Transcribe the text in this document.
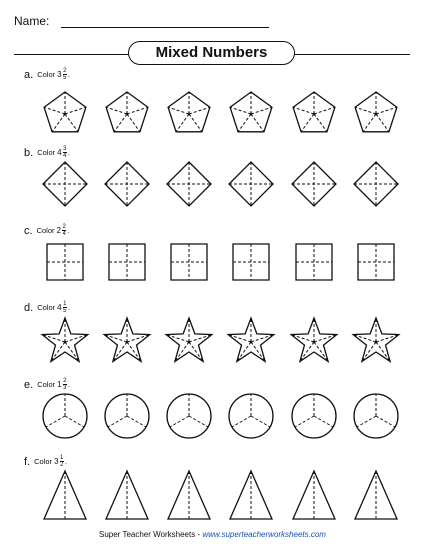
Name:
Mixed Numbers
a. Color $3 \frac{2}{5}$ .
b. Color $4 \frac{3}{4}$ .
c. Color $2 \frac{2}{4}$ .
d. Color $4 \frac{1}{5}$ .
e. Color $1 \frac{2}{3}$ .
f. Color $3 \frac{1}{2}$ .
Super Teacher Worksheets - www.superteacherworksheets.com
